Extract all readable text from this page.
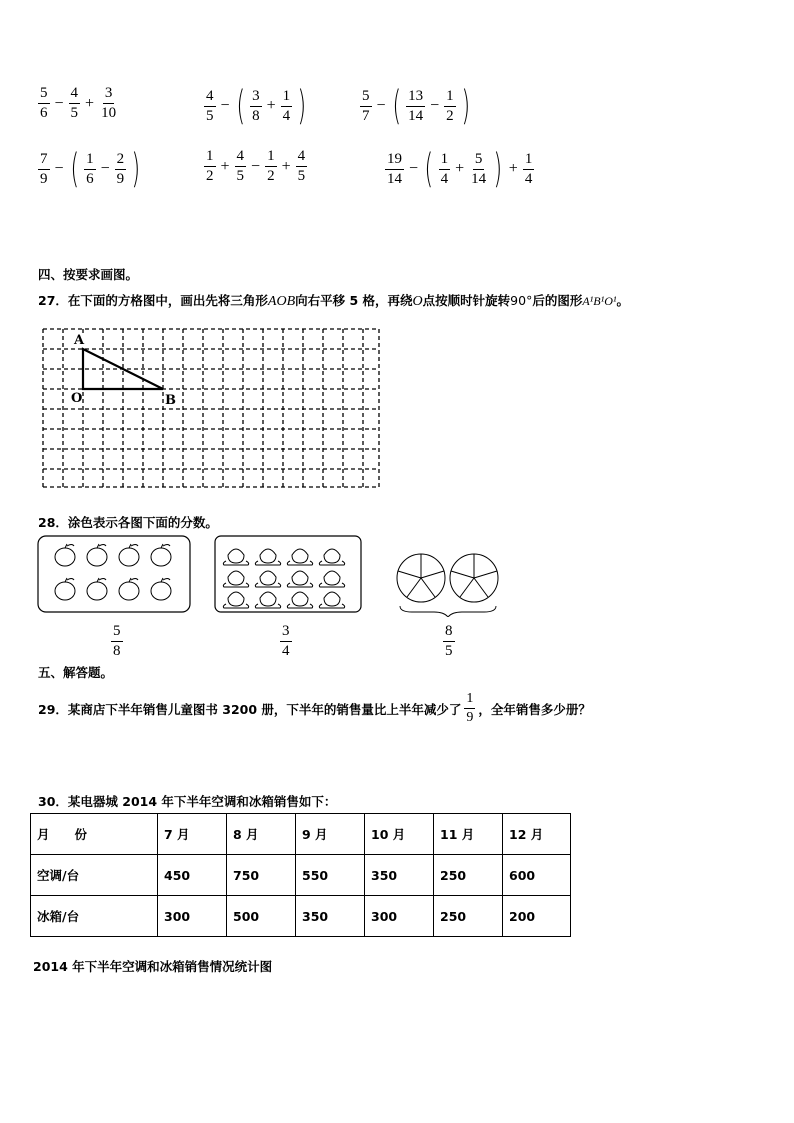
$\frac{5}{6} - \frac{4}{5} + \frac{3}{10}$	$\frac{4}{5}$ − ( $\frac{3}{8} + \frac{1}{4}$ )	$\frac{5}{7}$ − ( $\frac{13}{14} - \frac{1}{2}$ )
$\frac{7}{9}$ − ( $\frac{1}{6} - \frac{2}{9}$ )	$\frac{1}{2} + \frac{4}{5} - \frac{1}{2} + \frac{4}{5}$	$\frac{19}{14}$ − ( $\frac{1}{4} + \frac{5}{14}$ ) + $\frac{1}{4}$
四、按要求画图。
27．在下面的方格图中，画出先将三角形AOB向右平移 5 格，再绕O点按顺时针旋转90°后的图形A¹B¹O¹。
A
O	B
28．涂色表示各图下面的分数。
$\frac{5}{8}$	$\frac{3}{4}$	$\frac{8}{5}$
五、解答题。
29．某商店下半年销售儿童图书 3200 册，下半年的销售量比上半年减少了 $\frac{1}{9}$ ，全年销售多少册？
30．某电器城 2014 年下半年空调和冰箱销售如下：
月　　份	7 月	8 月	9 月	10 月	11 月	12 月
空调/台	450	750	550	350	250	600
冰箱/台	300	500	350	300	250	200
2014 年下半年空调和冰箱销售情况统计图
